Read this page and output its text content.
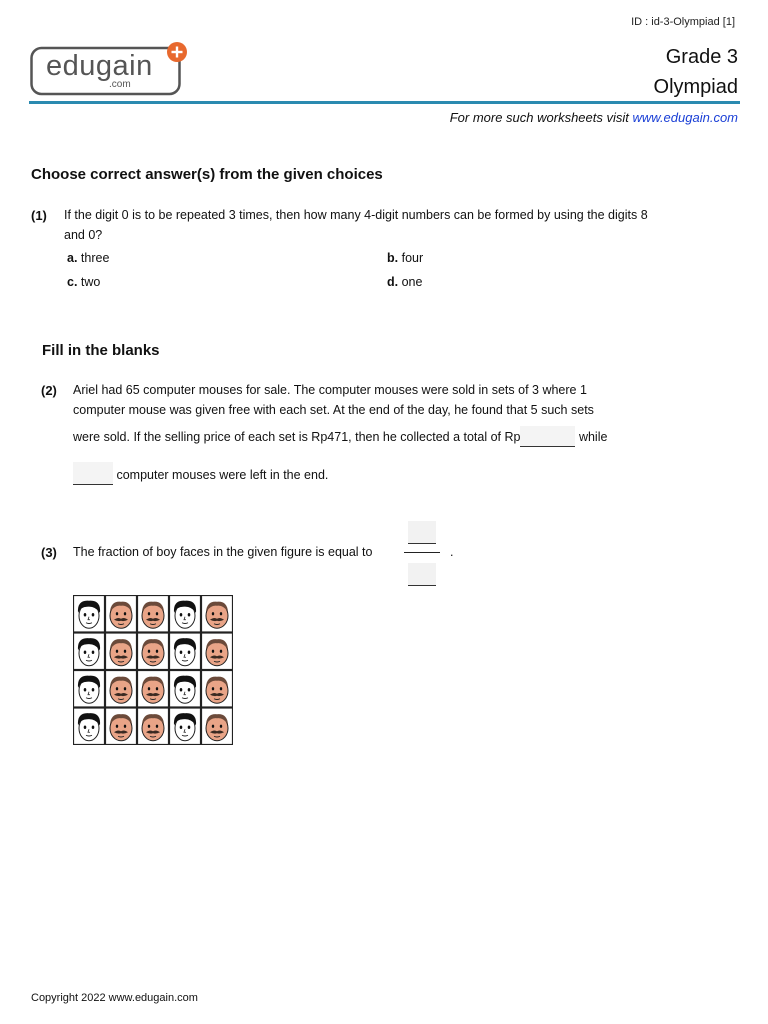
ID : id-3-Olympiad [1]
edugain
.com
Grade 3
Olympiad
For more such worksheets visit www.edugain.com
Choose correct answer(s) from the given choices
(1) If the digit 0 is to be repeated 3 times, then how many 4-digit numbers can be formed by using the digits 8
and 0?
a. three	b. four
c. two	d. one
Fill in the blanks
(2) Ariel had 65 computer mouses for sale. The computer mouses were sold in sets of 3 where 1
computer mouse was given free with each set. At the end of the day, he found that 5 such sets
were sold. If the selling price of each set is Rp471, then he collected a total of Rp	while
computer mouses were left in the end.
(3) The fraction of boy faces in the given figure is equal to	.
Copyright 2022 www.edugain.com
